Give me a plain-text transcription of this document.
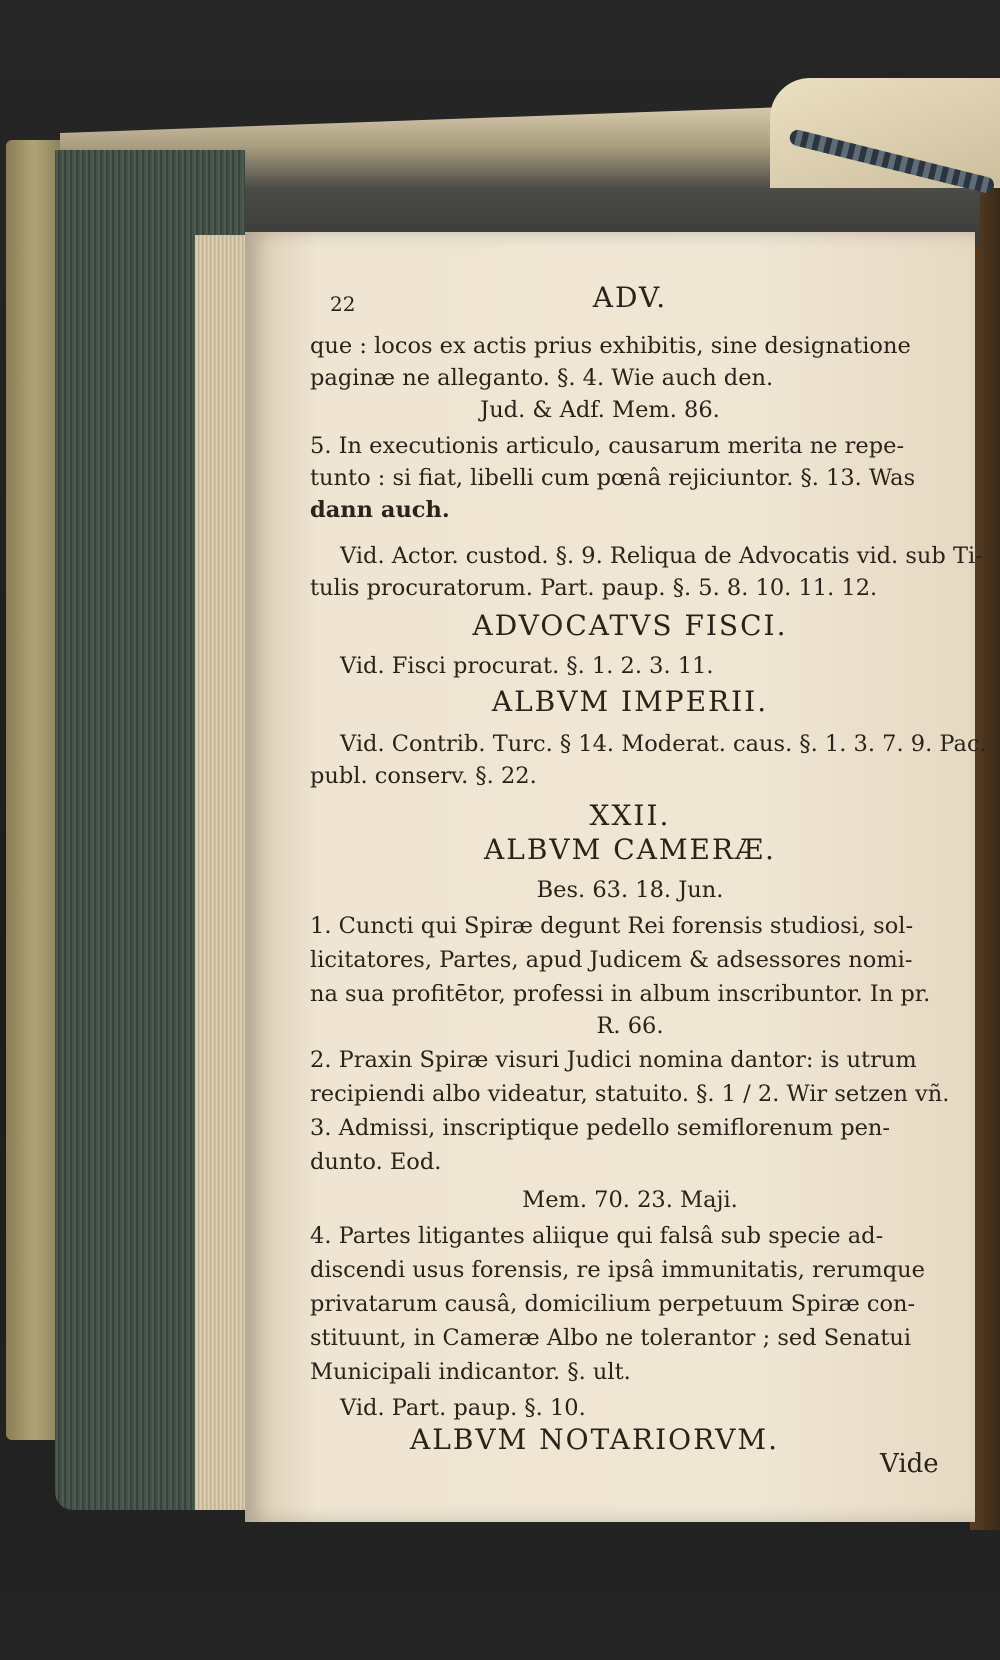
22	ADV.
que : locos ex actis prius exhibitis, sine designatione
paginæ ne alleganto. §. 4. Wie auch den.
Jud. & Adf. Mem. 86.
5. In executionis articulo, causarum merita ne repe-
tunto : si fiat, libelli cum pœnâ rejiciuntor. §. 13. Was
dann auch.
Vid. Actor. custod. §. 9. Reliqua de Advocatis vid. sub Ti-
tulis procuratorum. Part. paup. §. 5. 8. 10. 11. 12.
ADVOCATVS FISCI.
Vid. Fisci procurat. §. 1. 2. 3. 11.
ALBVM IMPERII.
Vid. Contrib. Turc. § 14. Moderat. caus. §. 1. 3. 7. 9. Pac.
publ. conserv. §. 22.
XXII.
ALBVM CAMERÆ.
Bes. 63. 18. Jun.
1. Cuncti qui Spiræ degunt Rei forensis studiosi, sol-
licitatores, Partes, apud Judicem & adsessores nomi-
na sua profitētor, professi in album inscribuntor. In pr.
R. 66.
2. Praxin Spiræ visuri Judici nomina dantor: is utrum
recipiendi albo videatur, statuito. §. 1 / 2. Wir setzen vñ.
3. Admissi, inscriptique pedello semiflorenum pen-
dunto. Eod.
Mem. 70. 23. Maji.
4. Partes litigantes aliique qui falsâ sub specie ad-
discendi usus forensis, re ipsâ immunitatis, rerumque
privatarum causâ, domicilium perpetuum Spiræ con-
stituunt, in Cameræ Albo ne tolerantor ; sed Senatui
Municipali indicantor. §. ult.
Vid. Part. paup. §. 10.
ALBVM NOTARIORVM.
Vide
